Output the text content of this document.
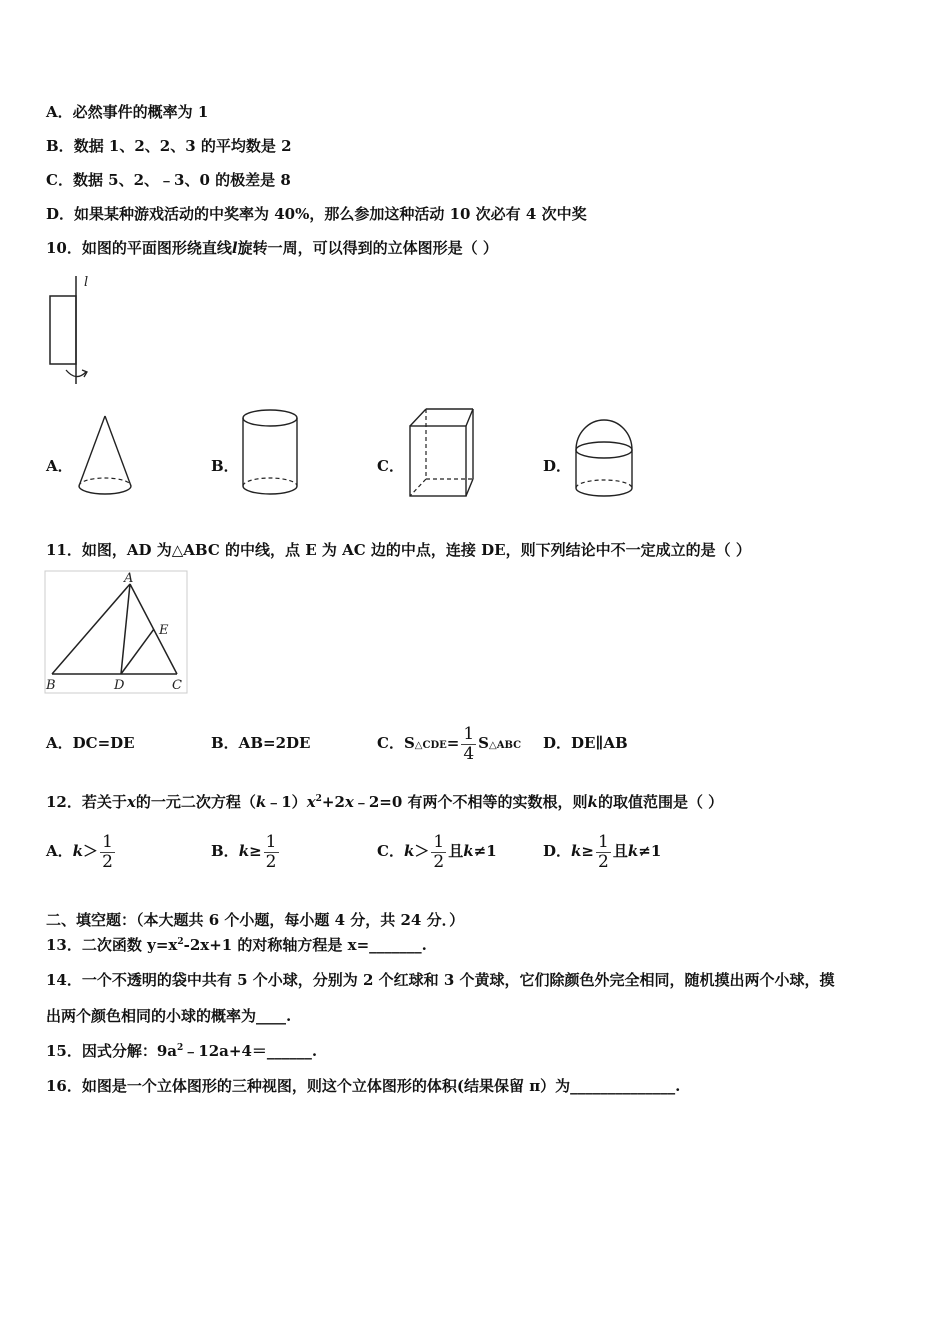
A．必然事件的概率为 1
B．数据 1、2、2、3 的平均数是 2
C．数据 5、2、﹣3、0 的极差是 8
D．如果某种游戏活动的中奖率为 40%，那么参加这种活动 10 次必有 4 次中奖
10．如图的平面图形绕直线l旋转一周，可以得到的立体图形是（ ）
l
A．	B．	C．	D．
11．如图，AD 为△ABC 的中线，点 E 为 AC 边的中点，连接 DE，则下列结论中不一定成立的是（ ）
A
E
B	D	C
A．DC=DE	B．AB=2DE	C．S△CDE= $\frac{1}{4}$ S△ABC D．DE∥AB
12．若关于x的一元二次方程$(k﹣1)x^2+2x﹣2=0$ 有两个不相等的实数根，则k的取值范围是（ ）
A．$k> \frac{1}{2}$	B．$k\ge \frac{1}{2}$	C．$k> \frac{1}{2}$ 且k≠1	D．$k\ge \frac{1}{2}$ 且k≠1
二、填空题：（本大题共 6 个小题，每小题 4 分，共 24 分．）
13．二次函数 $y=x^2-2x+1$ 的对称轴方程是 x=_______.
14．一个不透明的袋中共有 5 个小球，分别为 2 个红球和 3 个黄球，它们除颜色外完全相同，随机摸出两个小球，摸
出两个颜色相同的小球的概率为____.
15．因式分解：$9a^2﹣12a+4=\_\_\_\_\_\_$.
16．如图是一个立体图形的三种视图，则这个立体图形的体积(结果保留 π）为______________.
